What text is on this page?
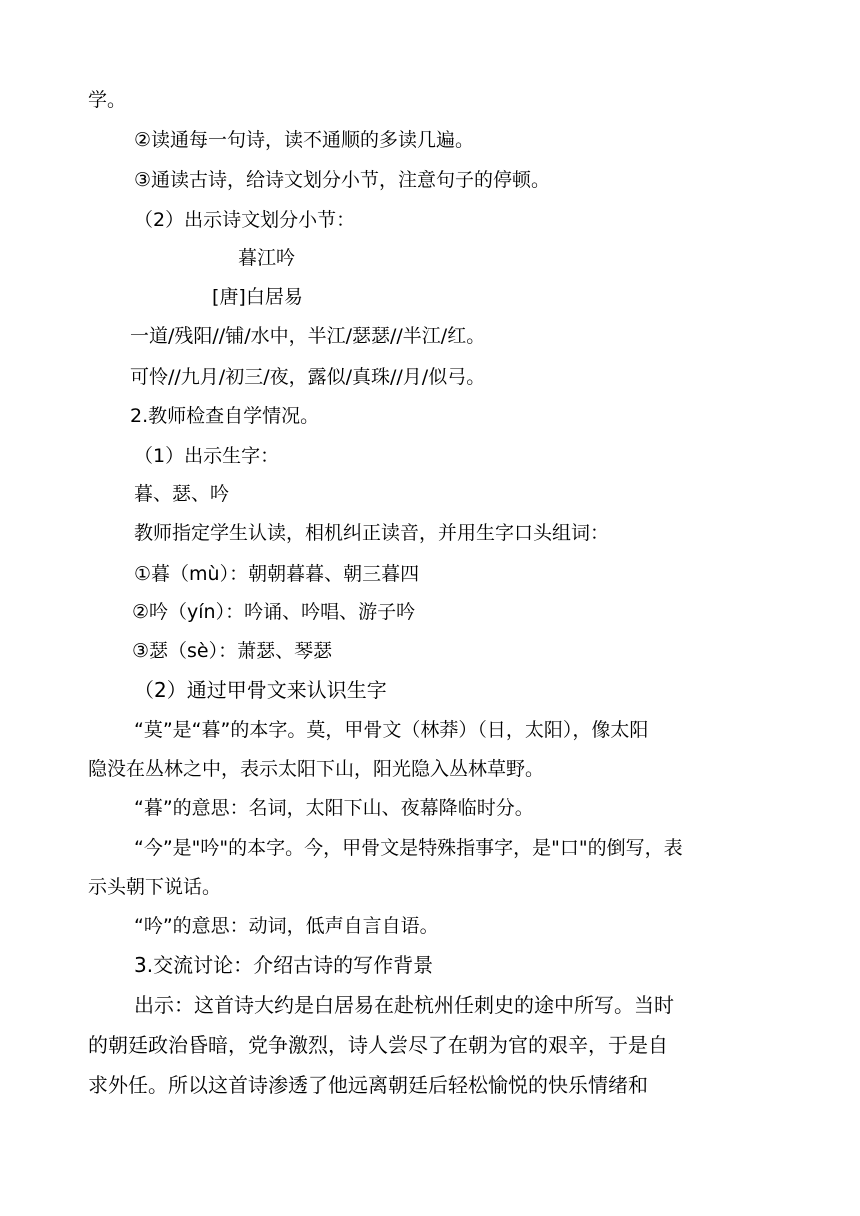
学。

②读通每一句诗，读不通顺的多读几遍。

③通读古诗，给诗文划分小节，注意句子的停顿。

（2）出示诗文划分小节：

暮江吟

[唐]白居易

一道/残阳//铺/水中，半江/瑟瑟//半江/红。

可怜//九月/初三/夜，露似/真珠//月/似弓。

2.教师检查自学情况。

（1）出示生字：

暮、瑟、吟

教师指定学生认读，相机纠正读音，并用生字口头组词：

①暮（mù）：朝朝暮暮、朝三暮四

②吟（yín）：吟诵、吟唱、游子吟

③瑟（sè）：萧瑟、琴瑟

（2）通过甲骨文来认识生字

“莫”是“暮”的本字。莫，甲骨文（林莽）（日，太阳），像太阳

隐没在丛林之中，表示太阳下山，阳光隐入丛林草野。

“暮”的意思：名词，太阳下山、夜幕降临时分。

“今”是"吟"的本字。今，甲骨文是特殊指事字，是"口"的倒写，表

示头朝下说话。

“吟”的意思：动词，低声自言自语。

3.交流讨论：介绍古诗的写作背景

出示：这首诗大约是白居易在赴杭州任刺史的途中所写。当时

的朝廷政治昏暗，党争激烈，诗人尝尽了在朝为官的艰辛，于是自

求外任。所以这首诗渗透了他远离朝廷后轻松愉悦的快乐情绪和
